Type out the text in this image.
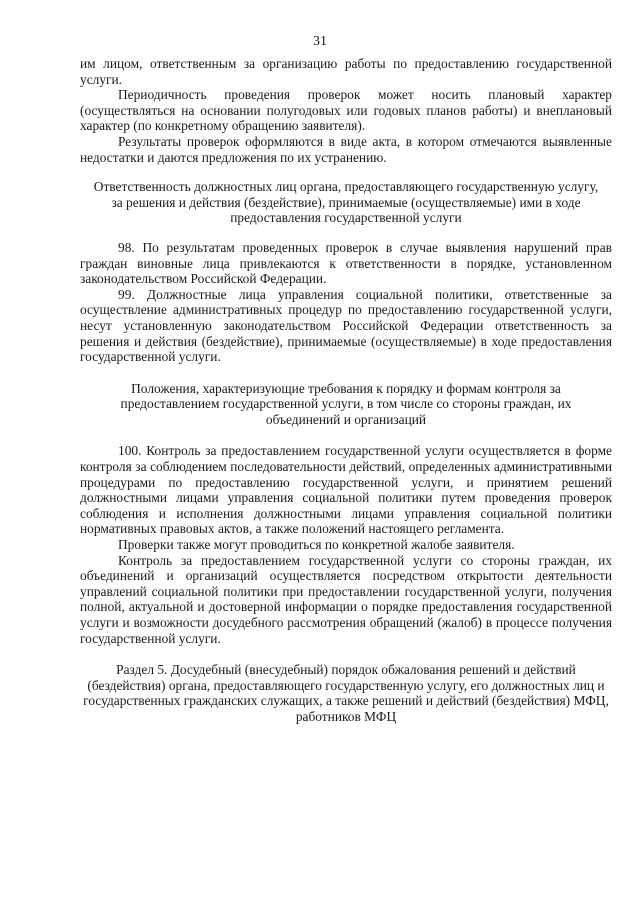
31

им лицом, ответственным за организацию работы по предоставлению государственной услуги.

Периодичность проведения проверок может носить плановый характер (осуществляться на основании полугодовых или годовых планов работы) и внеплановый характер (по конкретному обращению заявителя).

Результаты проверок оформляются в виде акта, в котором отмечаются выявленные недостатки и даются предложения по их устранению.

Ответственность должностных лиц органа, предоставляющего государственную услугу, за решения и действия (бездействие), принимаемые (осуществляемые) ими в ходе предоставления государственной услуги

98. По результатам проведенных проверок в случае выявления нарушений прав граждан виновные лица привлекаются к ответственности в порядке, установленном законодательством Российской Федерации.

99. Должностные лица управления социальной политики, ответственные за осуществление административных процедур по предоставлению государственной услуги, несут установленную законодательством Российской Федерации ответственность за решения и действия (бездействие), принимаемые (осуществляемые) в ходе предоставления государственной услуги.

Положения, характеризующие требования к порядку и формам контроля за предоставлением государственной услуги, в том числе со стороны граждан, их объединений и организаций

100. Контроль за предоставлением государственной услуги осуществляется в форме контроля за соблюдением последовательности действий, определенных административными процедурами по предоставлению государственной услуги, и принятием решений должностными лицами управления социальной политики путем проведения проверок соблюдения и исполнения должностными лицами управления социальной политики нормативных правовых актов, а также положений настоящего регламента.

Проверки также могут проводиться по конкретной жалобе заявителя.

Контроль за предоставлением государственной услуги со стороны граждан, их объединений и организаций осуществляется посредством открытости деятельности управлений социальной политики при предоставлении государственной услуги, получения полной, актуальной и достоверной информации о порядке предоставления государственной услуги и возможности досудебного рассмотрения обращений (жалоб) в процессе получения государственной услуги.

Раздел 5. Досудебный (внесудебный) порядок обжалования решений и действий (бездействия) органа, предоставляющего государственную услугу, его должностных лиц и государственных гражданских служащих, а также решений и действий (бездействия) МФЦ, работников МФЦ
